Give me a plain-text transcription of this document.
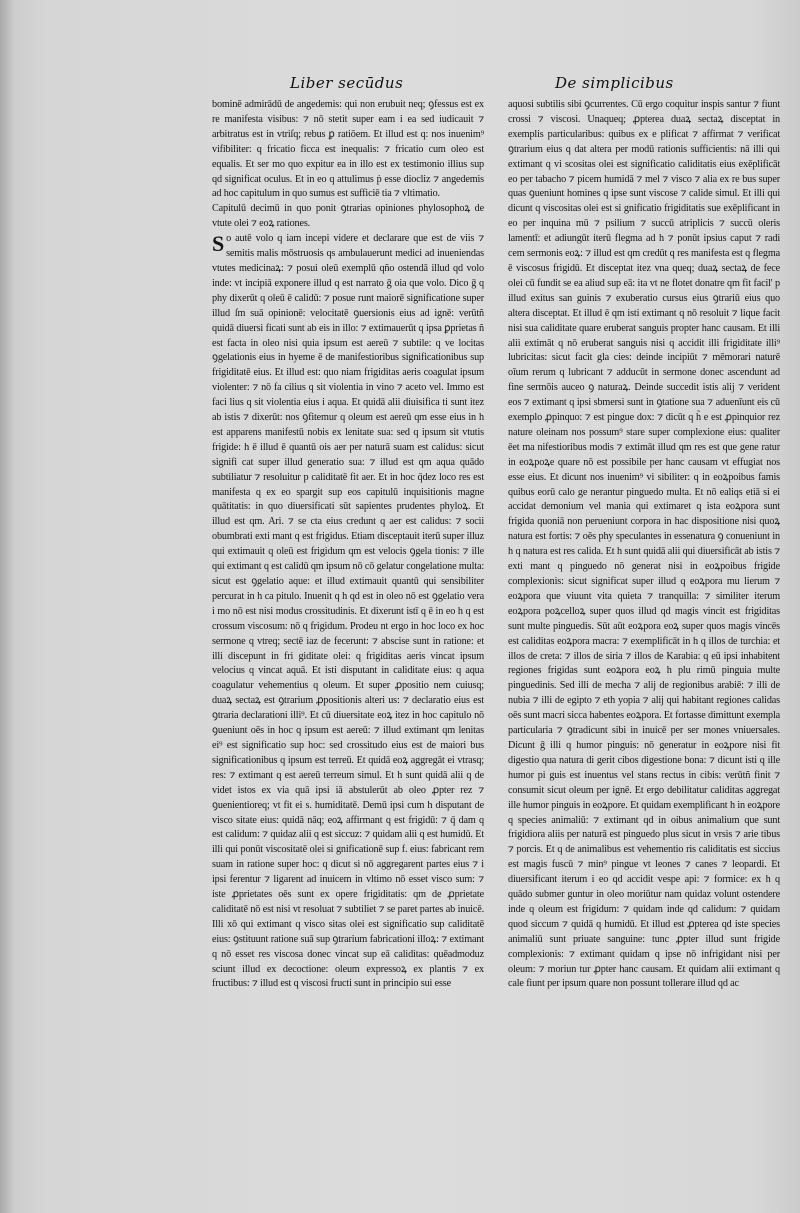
Liber secūdus	De simplicibus

bominē admirādū de angedemis: qui non erubuit neq; ꝯfessus est ex re manifesta visibus: ⁊ nō stetit super eam i ea sed iudicauit ⁊ arbitratus est in vtriſq; rebus ꝑ ratiōem. Et illud est q: nos inuenim⁹ vifibiliter: q fricatio ficca est inequalis: ⁊ fricatio cum oleo est equalis. Et ser mo quo expitur ea in illo est ex testimonio illius sup qd significat oculus. Et in eo q attulimus ṗ esse diocliz ⁊ angedemis ad hoc capitulum in quo sumus est sufficiē tia ⁊ vltimatio.

Capitulū decimū in quo ponit ꝯtrarias opiniones phylosophoꝝ de vtute olei ⁊ eoꝝ rationes.

So autē volo q iam incepi videre et declarare que est de viis ⁊ semitis malis mōstruosis qs ambulauerunt medici ad inueniendas vtutes medicinaꝝ: ⁊ posui oleū exemplū qño ostendā illud qd volo inde: vt incipiā exponere illud q est narrato ḡ oia que volo. Dico ḡ q phy dixerūt q oleū ē calidū: ⁊ posue runt maiorē significatione super illud ſm suā opinionē: velocitatē ꝯuersionis eius ad ignē: verūtñ quidā diuersi ficati sunt ab eis in illo: ⁊ extimauerūt q ipsa ꝑprietas ñ est facta in oleo nisi quia ipsum est aereū ⁊ subtile: q ve locitas ꝯgelationis eius in hyeme ē de manifestioribus significationibus sup frigiditatē eius. Et illud est: quo niam frigiditas aeris coagulat ipsum violenter: ⁊ nō fa cilius q sit violentia in vino ⁊ aceto vel. Immo est faci lius q sit violentia eius i aqua. Et quidā alii diuisifica ti sunt itez ab istis ⁊ dixerūt: nos ꝯfitemur q oleum est aereū qm esse eius in h est apparens manifestū nobis ex lenitate sua: sed q ipsum sit vtutis frigide: h ē illud ē quantū ois aer per naturā suam est calidus: sicut signifi cat super illud generatio sua: ⁊ illud est qm aqua quādo subtiliatur ⁊ resoluitur p caliditatē fit aer. Et in hoc q̄dez loco res est manifesta q ex eo spargit sup eos capitulū inquisitionis magne quātitatis: in quo diuersificati sūt sapientes prudentes phyloꝝ. Et illud est qm. Ari. ⁊ se cta eius credunt q aer est calidus: ⁊ socii obumbrati exti mant q est frigidus. Etiam disceptauit iterū super illuz qui extimauit q oleū est frigidum qm est velocis ꝯgela tionis: ⁊ ille qui extimant q est calidū qm ipsum nō cō gelatur congelatione multa: sicut est ꝯgelatio aque: et illud extimauit quantū qui sensibiliter percurat in h ca pitulo. Inuenit q h qd est in oleo nō est ꝯgelatio vera i mo nō est nisi modus crossitudinis. Et dixerunt istī q ē in eo h q est crossum viscosum: nō q frigidum. Prodeu nt ergo in hoc loco ex hoc sermone q vtreq; sectē iaz de fecerunt: ⁊ abscise sunt in ratione: et illi discepunt in fri giditate olei: q frigiditas aeris vincat ipsum velocius q vincat aquā. Et isti disputant in caliditate eius: q aqua coagulatur vehementius q oleum. Et super ꝓpositio nem cuiusq; duaꝝ sectaꝝ est ꝯtrarium ꝓpositionis alteri us: ⁊ declaratio eius est ꝯtraria declarationi illi⁹. Et cū diuersitate eoꝝ itez in hoc capitulo nō ꝯueniunt oēs in hoc q ipsum est aereū: ⁊ illud extimant qm lenitas ei⁹ est significatio sup hoc: sed crossitudo eius est de maiori bus significationibus q ipsum est terreū. Et quidā eoꝝ aggregāt ei vtrasq; res: ⁊ extimant q est aereū terreum simul. Et h sunt quidā alii q de videt istos ex via quā ipsi iā abstulerūt ab oleo ꝓpter rez ⁊ ꝯuenientioreq; vt fit ei s. humiditatē. Demū ipsi cum h disputant de visco sitate eius: quidā nāq; eoꝝ affirmant q est frigidū: ⁊ q̄ dam q est calidum: ⁊ quidaz alii q est siccuz: ⁊ quidam alii q est humidū. Et illi qui ponūt viscositatē olei si gnificationē sup f. eius: fabricant rem suam in ratione super hoc: q dicut si nō aggregarent partes eius ⁊ i ipsi ferentur ⁊ ligarent ad inuicem in vltimo nō esset visco sum: ⁊ iste ꝓprietates oēs sunt ex opere frigiditatis: qm de ꝓprietate caliditatē nō est nisi vt resoluat ⁊ subtiliet ⁊ se paret partes ab inuicē. Illi xō qui extimant q visco sitas olei est significatio sup caliditatē eius: ꝯstituunt ratione suā sup ꝯtrarium fabricationi illoꝝ: ⁊ extimant q nō esset res viscosa donec vincat sup eā caliditas: quēadmoduz sciunt illud ex decoctione: oleum expressoꝝ ex plantis ⁊ ex fructibus: ⁊ illud est q viscosi fructi sunt in principio sui esse

aquosi subtilis sibi ꝯcurrentes. Cū ergo coquitur inspis santur ⁊ fiunt crossi ⁊ viscosi. Unaqueq; ꝓpterea duaꝝ sectaꝝ disceptat in exemplis particularibus: quibus ex e plificat ⁊ affirmat ⁊ verificat ꝯtrarium eius q dat altera per modū rationis sufficientis: nā illi qui extimant q vi scositas olei est significatio caliditatis eius exēplificāt eo per tabacho ⁊ picem humidā ⁊ mel ⁊ visco ⁊ alia ex re bus super quas ꝯueniunt homines q ipse sunt viscose ⁊ calide simul. Et illi qui dicunt q viscositas olei est si gnificatio frigiditatis sue exēplificant in eo per inquina mū ⁊ psilium ⁊ succū atriplicis ⁊ succū oleris lamentī: et adiungūt iterū flegma ad h ⁊ ponūt ipsius caput ⁊ radi cem sermonis eoꝝ: ⁊ illud est qm credūt q res manifesta est q flegma ē viscosus frigidū. Et disceptat itez vna queq; duaꝝ sectaꝝ de fece olei cū fundit se ea aliud sup eā: ita vt ne flotet donatre qm fit facil' p illud exitus san guinis ⁊ exuberatio cursus eius ꝯtrariū eius quo altera disceptat. Et illud ē qm isti extimant q nō resoluit ⁊ lique facit nisi sua caliditate quare eruberat sanguis propter hanc causam. Et illi alii extimāt q nō eruberat sanguis nisi q accidit illi frigiditate illi⁹ lubricitas: sicut facit gla cies: deinde incipiūt ⁊ mēmorari naturē oīum rerum q lubricant ⁊ adducūt in sermone donec ascendunt ad fine sermōis auceo ꝯ naturaꝝ. Deinde succedit istis alij ⁊ verident eos ⁊ extimant q ipsi sbmersi sunt in ꝯtatione sua ⁊ aduenīunt eis cū exemplo ꝓpinquo: ⁊ est pingue dox: ⁊ dicūt q h̃ e est ꝓpinquior rez nature oleinam nos possum⁹ stare super complexione eius: qualiter ēet ma nifestioribus modis ⁊ extimāt illud qm res est que gene ratur in eoꝝpoꝝe quare nō est possibile per hanc causam vt effugiat nos esse eius. Et dicunt nos inuenim⁹ vi sibiliter: q in eoꝝpoibus famis quibus eorū calo ge nerantur pinguedo multa. Et nō ealiqs etiā si ei accidat demonium vel mania qui extimaret q ista eoꝝpora sunt frigida quoniā non perueniunt corpora in hac dispositione nisi quoꝝ natura est fortis: ⁊ oēs phy speculantes in essenatura ꝯ conueniunt in h q natura est res calida. Et h sunt quidā alii qui diuersificāt ab istis ⁊ exti mant q pinguedo nō generat nisi in eoꝝpoibus frigide complexionis: sicut significat super illud q eoꝝpora mu lierum ⁊ eoꝝpora que viuunt vita quieta ⁊ tranquilla: ⁊ similiter iterum eoꝝpora poꝝcelloꝝ super quos illud qd magis vincit est frigiditas sunt multe pinguedis. Sūt aūt eoꝝpora eoꝝ super quos magis vincēs est caliditas eoꝝpora macra: ⁊ exemplificāt in h q illos de turchia: et illos de creta: ⁊ illos de siria ⁊ illos de Karabia: q eū ipsi inhabitent regiones frigidas sunt eoꝝpora eoꝝ h plu rimū pinguia multe pinguedinis. Sed illi de mecha ⁊ alij de regionibus arabiē: ⁊ illi de nubia ⁊ illi de egipto ⁊ eth yopia ⁊ alij qui habitant regiones calidas oēs sunt macri sicca habentes eoꝝpora. Et fortasse dimittunt exempla particularia ⁊ ꝯtradicunt sibi in inuicē per ser mones vniuersales. Dicunt ḡ illi q humor pinguis: nō generatur in eoꝝpore nisi fit digestio qua natura di gerit cibos digestione bona: ⁊ dicunt isti q ille humor pi guis est inuentus vel stans rectus in cibis: verūtñ finit ⁊ consumit sicut oleum per ignē. Et ergo debilitatur caliditas aggregat ille humor pinguis in eoꝝpore. Et quidam exemplificant h in eoꝝpore q species animaliū: ⁊ extimant qd in oibus animalium que sunt frigidiora aliis per naturā est pinguedo plus sicut in vrsis ⁊ arie tibus ⁊ porcis. Et q de animalibus est vehementio ris caliditatis est siccius est magis fuscū ⁊ min⁹ pingue vt leones ⁊ canes ⁊ leopardi. Et diuersificant iterum i eo qd accidit vespe api: ⁊ formice: ex h q quādo submer guntur in oleo moriūtur nam quidaz volunt ostendere inde q oleum est frigidum: ⁊ quidam inde qd calidum: ⁊ quidam quod siccum ⁊ quidā q humidū. Et illud est ꝓpterea qd iste species animaliū sunt priuate sanguine: tunc ꝓpter illud sunt frigide complexionis: ⁊ extimant quidam q ipse nō infrigidant nisi per oleum: ⁊ moriun tur ꝓpter hanc causam. Et quidam alii extimant q cale fiunt per ipsum quare non possunt tollerare illud qd ac
